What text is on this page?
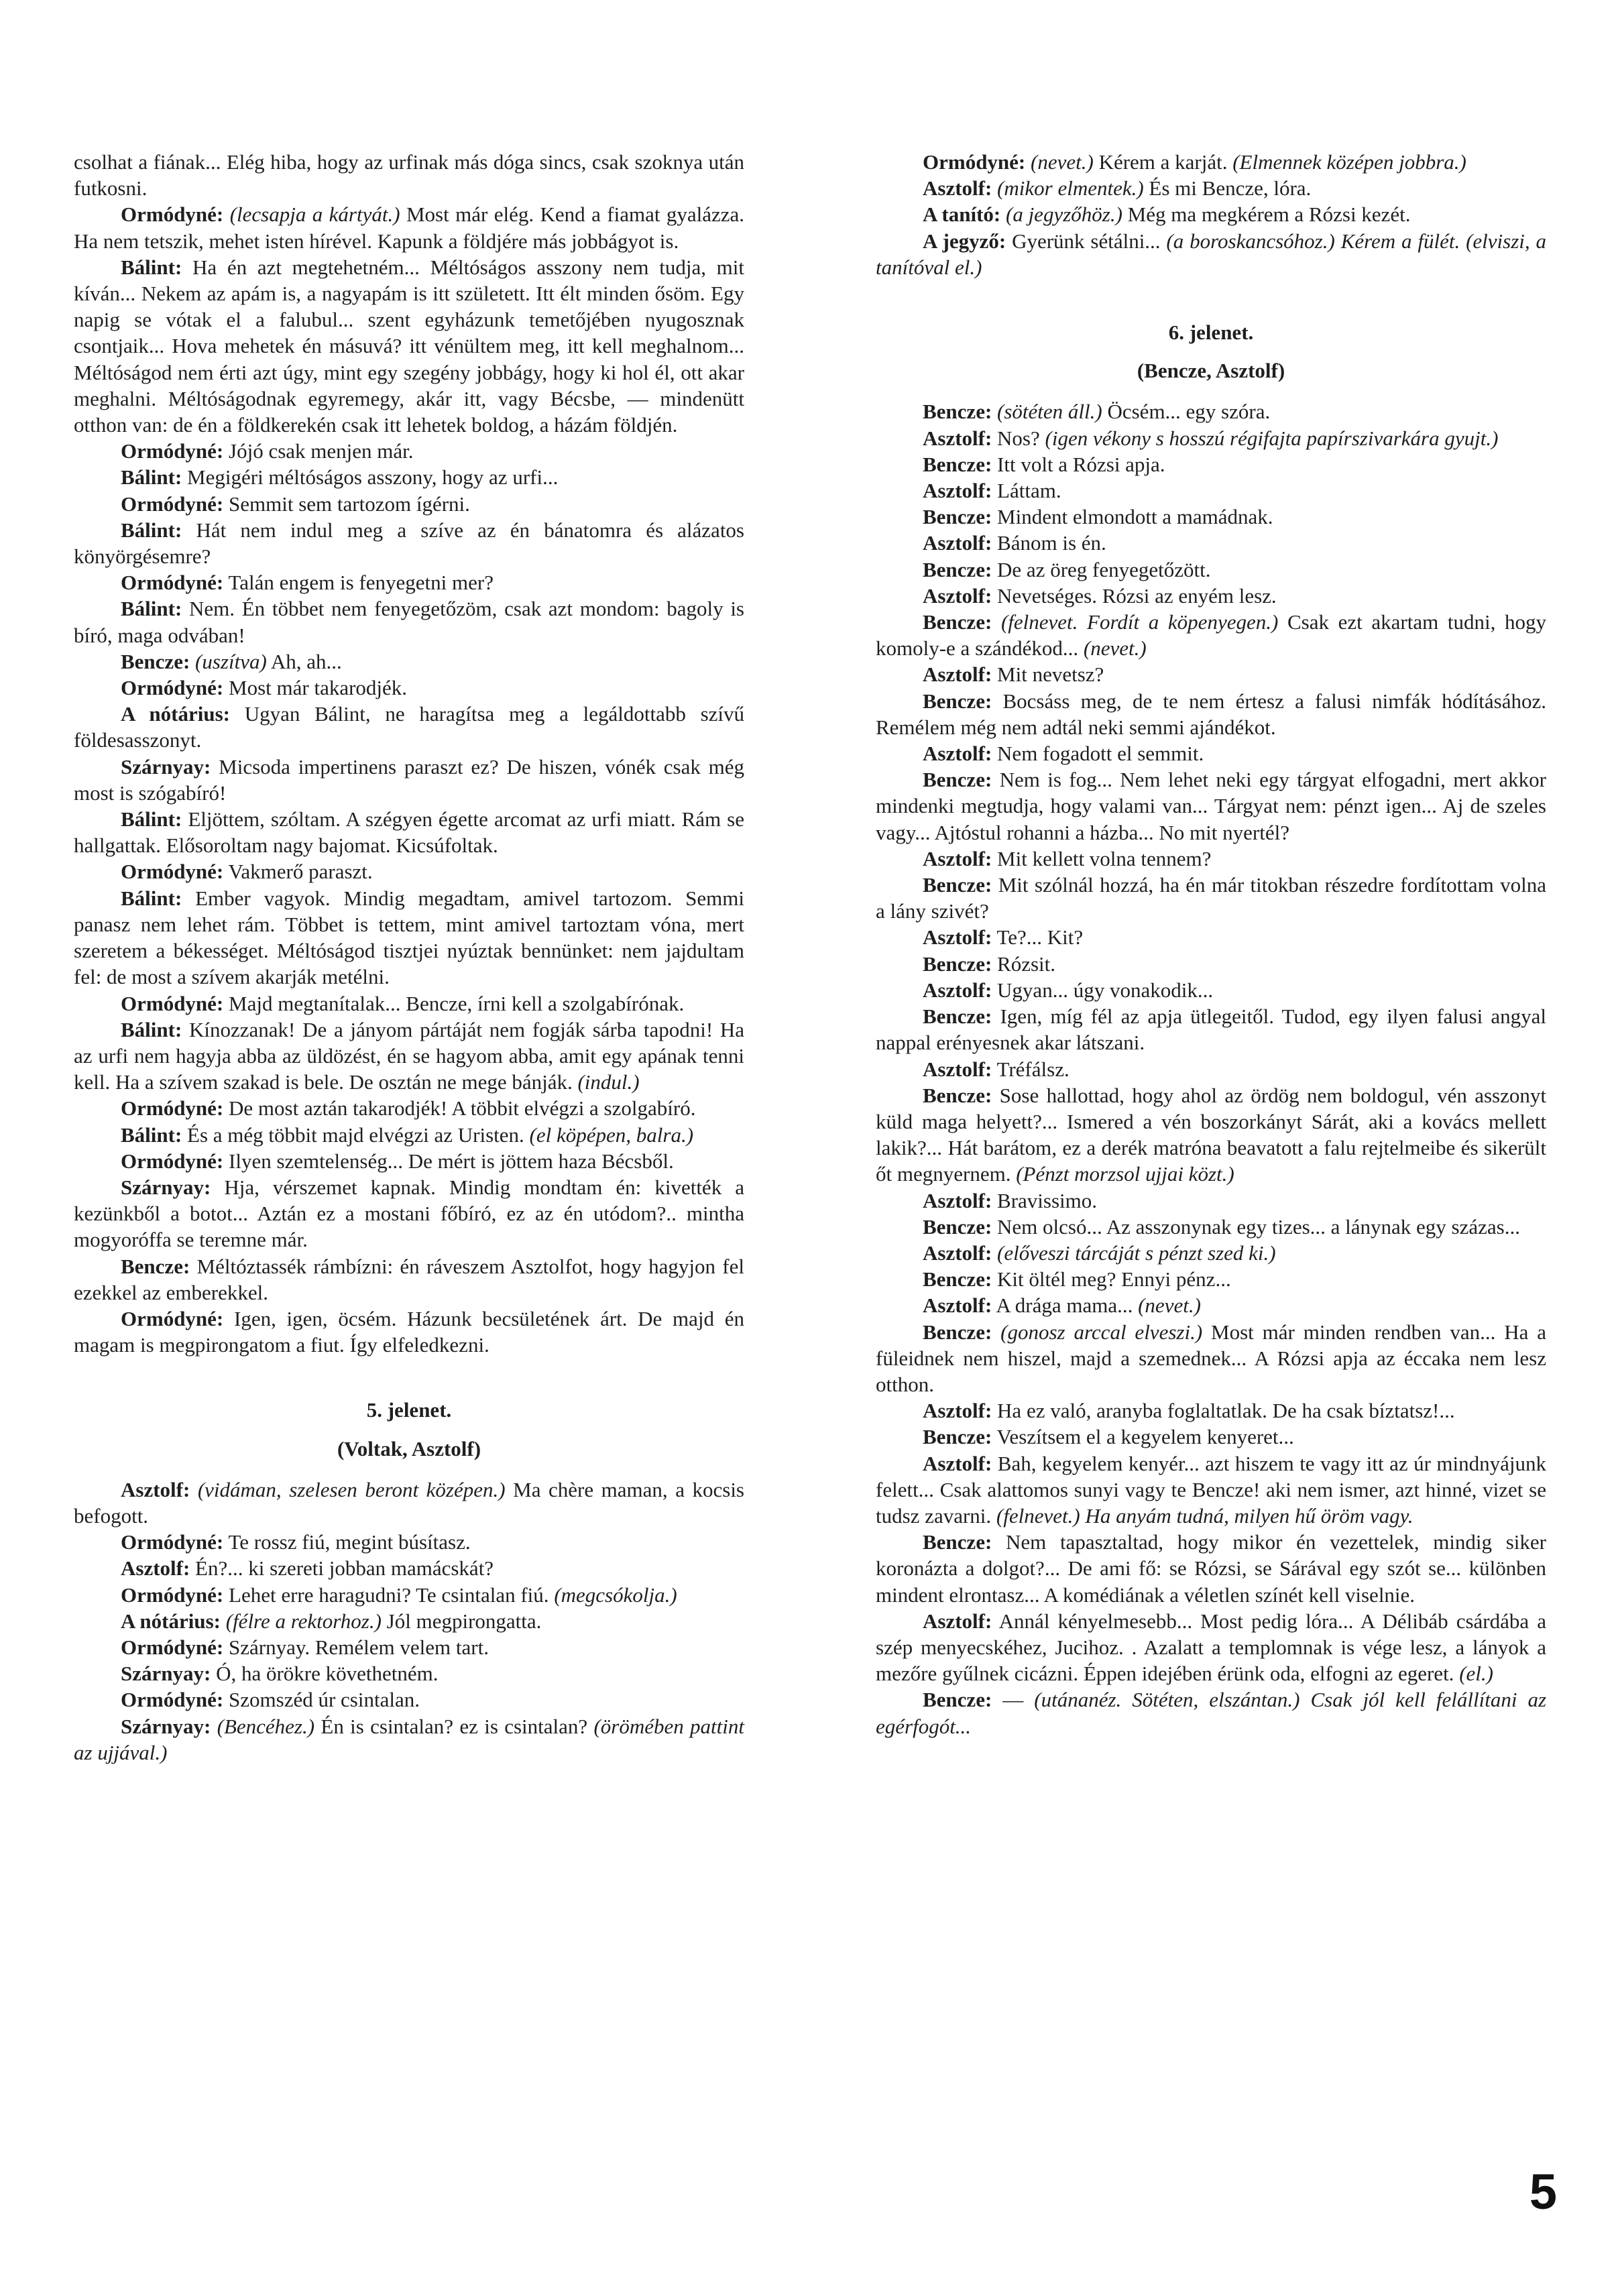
csolhat a fiának... Elég hiba, hogy az urfinak más dóga sincs, csak szoknya után futkosni.

Ormódyné: (lecsapja a kártyát.) Most már elég. Kend a fiamat gyalázza. Ha nem tetszik, mehet isten hírével. Kapunk a földjére más jobbágyot is.

Bálint: Ha én azt megtehetném... Méltóságos asszony nem tudja, mit kíván... Nekem az apám is, a nagyapám is itt született. Itt élt minden ősöm. Egy napig se vótak el a falubul... szent egyházunk temetőjében nyugosznak csontjaik... Hova mehetek én másuvá? itt vénültem meg, itt kell meghalnom... Méltóságod nem érti azt úgy, mint egy szegény jobbágy, hogy ki hol él, ott akar meghalni. Méltóságodnak egyremegy, akár itt, vagy Bécsbe, — mindenütt otthon van: de én a földkerekén csak itt lehetek boldog, a házám földjén.

Ormódyné: Jójó csak menjen már.

Bálint: Megigéri méltóságos asszony, hogy az urfi...

Ormódyné: Semmit sem tartozom ígérni.

Bálint: Hát nem indul meg a szíve az én bánatomra és alázatos könyörgésemre?

Ormódyné: Talán engem is fenyegetni mer?

Bálint: Nem. Én többet nem fenyegetőzöm, csak azt mondom: bagoly is bíró, maga odvában!

Bencze: (uszítva) Ah, ah...

Ormódyné: Most már takarodjék.

A nótárius: Ugyan Bálint, ne haragítsa meg a legáldottabb szívű földesasszonyt.

Szárnyay: Micsoda impertinens paraszt ez? De hiszen, vónék csak még most is szógabíró!

Bálint: Eljöttem, szóltam. A szégyen égette arcomat az urfi miatt. Rám se hallgattak. Elősoroltam nagy bajomat. Kicsúfoltak.

Ormódyné: Vakmerő paraszt.

Bálint: Ember vagyok. Mindig megadtam, amivel tartozom. Semmi panasz nem lehet rám. Többet is tettem, mint amivel tartoztam vóna, mert szeretem a békességet. Méltóságod tisztjei nyúztak bennünket: nem jajdultam fel: de most a szívem akarják metélni.

Ormódyné: Majd megtanítalak... Bencze, írni kell a szolgabírónak.

Bálint: Kínozzanak! De a jányom pártáját nem fogják sárba tapodni! Ha az urfi nem hagyja abba az üldözést, én se hagyom abba, amit egy apának tenni kell. Ha a szívem szakad is bele. De osztán ne mege bánják. (indul.)

Ormódyné: De most aztán takarodjék! A többit elvégzi a szolgabíró.

Bálint: És a még többit majd elvégzi az Uristen. (el köpépen, balra.)

Ormódyné: Ilyen szemtelenség... De mért is jöttem haza Bécsből.

Szárnyay: Hja, vérszemet kapnak. Mindig mondtam én: kivették a kezünkből a botot... Aztán ez a mostani főbíró, ez az én utódom?.. mintha mogyoróffa se teremne már.

Bencze: Méltóztassék rámbízni: én ráveszem Asztolfot, hogy hagyjon fel ezekkel az emberekkel.

Ormódyné: Igen, igen, öcsém. Házunk becsületének árt. De majd én magam is megpirongatom a fiut. Így elfeledkezni.

5. jelenet.

(Voltak, Asztolf)

Asztolf: (vidáman, szelesen beront középen.) Ma chère maman, a kocsis befogott.

Ormódyné: Te rossz fiú, megint búsítasz.

Asztolf: Én?... ki szereti jobban mamácskát?

Ormódyné: Lehet erre haragudni? Te csintalan fiú. (megcsókolja.)

A nótárius: (félre a rektorhoz.) Jól megpirongatta.

Ormódyné: Szárnyay. Remélem velem tart.

Szárnyay: Ó, ha örökre követhetném.

Ormódyné: Szomszéd úr csintalan.

Szárnyay: (Bencéhez.) Én is csintalan? ez is csintalan? (örömében pattint az ujjával.)

Ormódyné: (nevet.) Kérem a karját. (Elmennek középen jobbra.)

Asztolf: (mikor elmentek.) És mi Bencze, lóra.

A tanító: (a jegyzőhöz.) Még ma megkérem a Rózsi kezét.

A jegyző: Gyerünk sétálni... (a boroskancsóhoz.) Kérem a fülét. (elviszi, a tanítóval el.)

6. jelenet.

(Bencze, Asztolf)

Bencze: (sötéten áll.) Öcsém... egy szóra.

Asztolf: Nos? (igen vékony s hosszú régifajta papírszivarkára gyujt.)

Bencze: Itt volt a Rózsi apja.

Asztolf: Láttam.

Bencze: Mindent elmondott a mamádnak.

Asztolf: Bánom is én.

Bencze: De az öreg fenyegetőzött.

Asztolf: Nevetséges. Rózsi az enyém lesz.

Bencze: (felnevet. Fordít a köpenyegen.) Csak ezt akartam tudni, hogy komoly-e a szándékod... (nevet.)

Asztolf: Mit nevetsz?

Bencze: Bocsáss meg, de te nem értesz a falusi nimfák hódításához. Remélem még nem adtál neki semmi ajándékot.

Asztolf: Nem fogadott el semmit.

Bencze: Nem is fog... Nem lehet neki egy tárgyat elfogadni, mert akkor mindenki megtudja, hogy valami van... Tárgyat nem: pénzt igen... Aj de szeles vagy... Ajtóstul rohanni a házba... No mit nyertél?

Asztolf: Mit kellett volna tennem?

Bencze: Mit szólnál hozzá, ha én már titokban részedre fordítottam volna a lány szivét?

Asztolf: Te?... Kit?

Bencze: Rózsit.

Asztolf: Ugyan... úgy vonakodik...

Bencze: Igen, míg fél az apja ütlegeitől. Tudod, egy ilyen falusi angyal nappal erényesnek akar látszani.

Asztolf: Tréfálsz.

Bencze: Sose hallottad, hogy ahol az ördög nem boldogul, vén asszonyt küld maga helyett?... Ismered a vén boszorkányt Sárát, aki a kovács mellett lakik?... Hát barátom, ez a derék matróna beavatott a falu rejtelmeibe és sikerült őt megnyernem. (Pénzt morzsol ujjai közt.)

Asztolf: Bravissimo.

Bencze: Nem olcsó... Az asszonynak egy tizes... a lánynak egy százas...

Asztolf: (előveszi tárcáját s pénzt szed ki.)

Bencze: Kit öltél meg? Ennyi pénz...

Asztolf: A drága mama... (nevet.)

Bencze: (gonosz arccal elveszi.) Most már minden rendben van... Ha a füleidnek nem hiszel, majd a szemednek... A Rózsi apja az éccaka nem lesz otthon.

Asztolf: Ha ez való, aranyba foglaltatlak. De ha csak bíztatsz!...

Bencze: Veszítsem el a kegyelem kenyeret...

Asztolf: Bah, kegyelem kenyér... azt hiszem te vagy itt az úr mindnyájunk felett... Csak alattomos sunyi vagy te Bencze! aki nem ismer, azt hinné, vizet se tudsz zavarni. (felnevet.) Ha anyám tudná, milyen hű öröm vagy.

Bencze: Nem tapasztaltad, hogy mikor én vezettelek, mindig siker koronázta a dolgot?... De ami fő: se Rózsi, se Sárával egy szót se... különben mindent elrontasz... A komédiának a véletlen színét kell viselnie.

Asztolf: Annál kényelmesebb... Most pedig lóra... A Délibáb csárdába a szép menyecskéhez, Jucihoz. . Azalatt a templomnak is vége lesz, a lányok a mezőre gyűlnek cicázni. Éppen idejében érünk oda, elfogni az egeret. (el.)

Bencze: — (utánanéz. Sötéten, elszántan.) Csak jól kell felállítani az egérfogót...

5
